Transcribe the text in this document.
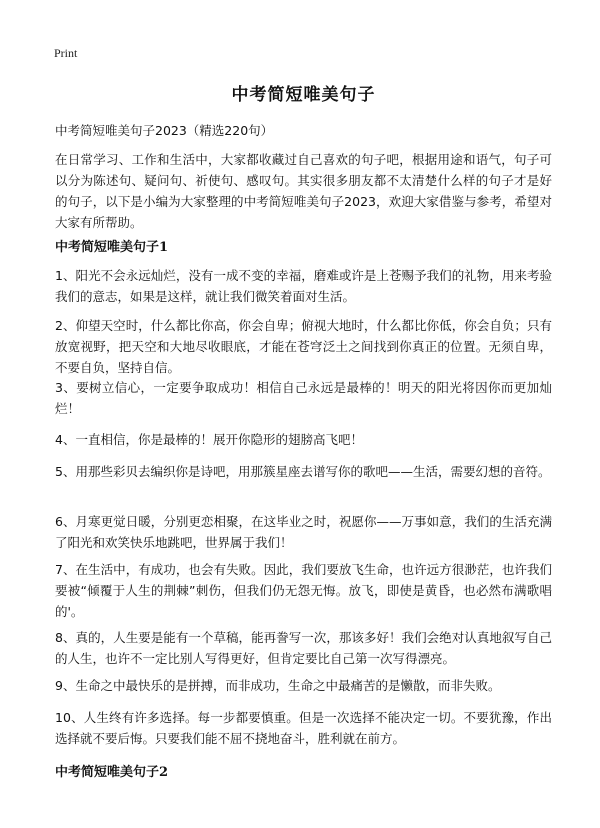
Print
中考简短唯美句子

中考简短唯美句子2023（精选220句）

在日常学习、工作和生活中，大家都收藏过自己喜欢的句子吧，根据用途和语气，句子可以分为陈述句、疑问句、祈使句、感叹句。其实很多朋友都不太清楚什么样的句子才是好的句子，以下是小编为大家整理的中考简短唯美句子2023，欢迎大家借鉴与参考，希望对大家有所帮助。

中考简短唯美句子1

1、阳光不会永远灿烂，没有一成不变的幸福，磨难或许是上苍赐予我们的礼物，用来考验我们的意志，如果是这样，就让我们微笑着面对生活。

2、仰望天空时，什么都比你高，你会自卑；俯视大地时，什么都比你低，你会自负；只有放宽视野，把天空和大地尽收眼底，才能在苍穹泛土之间找到你真正的位置。无须自卑，不要自负，坚持自信。

3、要树立信心，一定要争取成功！相信自己永远是最棒的！明天的阳光将因你而更加灿烂！

4、一直相信，你是最棒的！展开你隐形的翅膀高飞吧！

5、用那些彩贝去编织你是诗吧，用那簇星座去谱写你的歌吧——生活，需要幻想的音符。

6、月寒更觉日暖，分别更恋相聚，在这毕业之时，祝愿你——万事如意，我们的生活充满了阳光和欢笑快乐地跳吧，世界属于我们！

7、在生活中，有成功，也会有失败。因此，我们要放飞生命，也许远方很渺茫，也许我们要被“倾覆于人生的荆棘”刺伤，但我们仍无怨无悔。放飞，即使是黄昏，也必然布满歌唱的'。

8、真的，人生要是能有一个草稿，能再誊写一次，那该多好！我们会绝对认真地叙写自己的人生，也许不一定比别人写得更好，但肯定要比自己第一次写得漂亮。

9、生命之中最快乐的是拼搏，而非成功，生命之中最痛苦的是懒散，而非失败。

10、人生终有许多选择。每一步都要慎重。但是一次选择不能决定一切。不要犹豫，作出选择就不要后悔。只要我们能不屈不挠地奋斗，胜利就在前方。

中考简短唯美句子2
